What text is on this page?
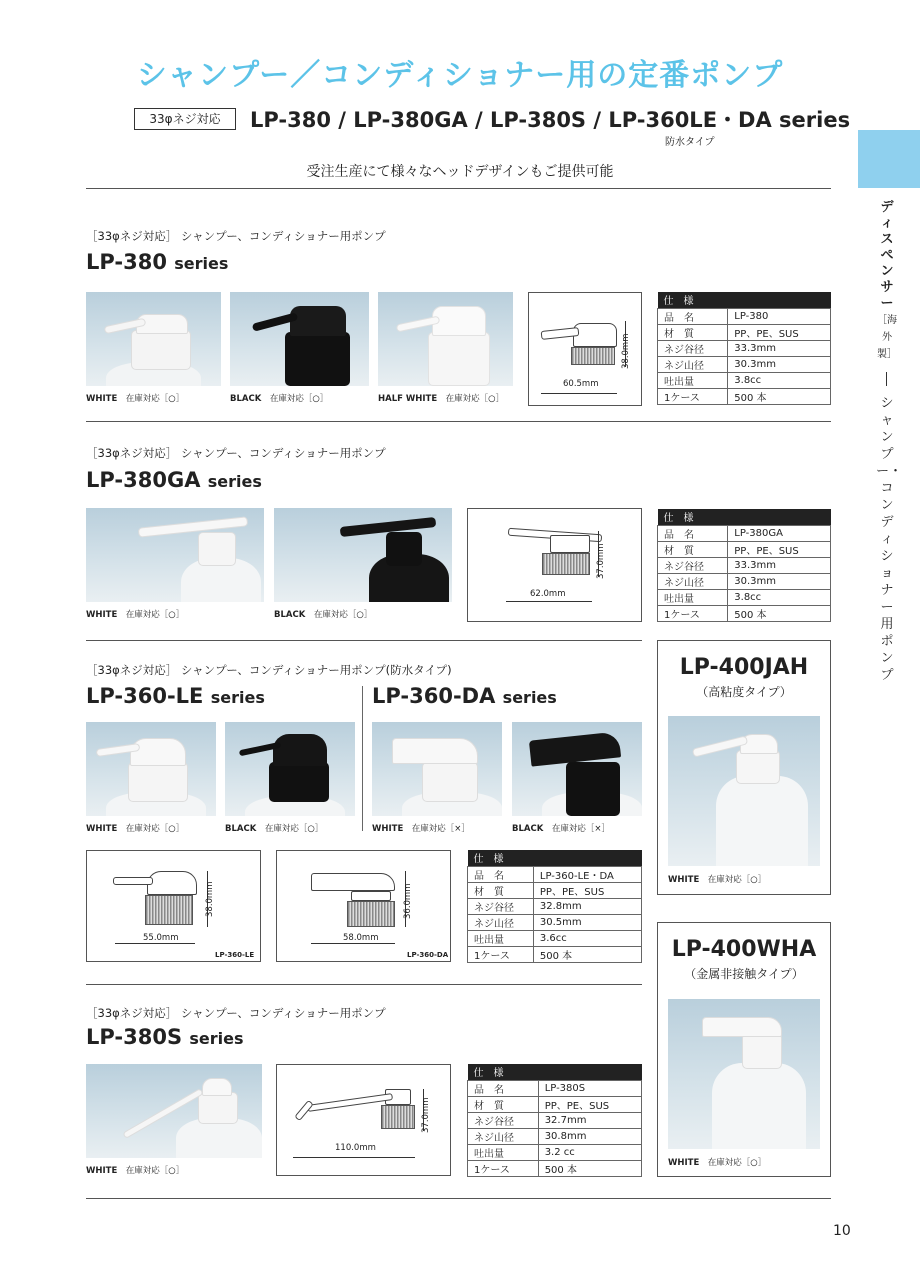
シャンプー／コンディショナー用の定番ポンプ
33φネジ対応	LP-380 / LP-380GA / LP-380S / LP-360LE・DA series
防水タイプ
受注生産にて様々なヘッドデザインもご提供可能
ディスペンサー
［海外製］
シャンプー・コンディショナー用ポンプ
［33φネジ対応］ シャンプー、コンディショナー用ポンプ
LP-380 series
WHITE　 在庫対応［○］	BLACK　 在庫対応［○］	HALF WHITE　 在庫対応［○］
38.0mm
60.5mm
仕　様	
品　名	LP-380
材　質	PP、PE、SUS
ネジ谷径	33.3mm
ネジ山径	30.3mm
吐出量	3.8cc
1ケース	500 本
［33φネジ対応］ シャンプー、コンディショナー用ポンプ
LP-380GA series
WHITE　 在庫対応［○］	BLACK　 在庫対応［○］
37.0mm
62.0mm
仕　様	
品　名	LP-380GA
材　質	PP、PE、SUS
ネジ谷径	33.3mm
ネジ山径	30.3mm
吐出量	3.8cc
1ケース	500 本
［33φネジ対応］ シャンプー、コンディショナー用ポンプ(防水タイプ)
LP-360-LE series	LP-360-DA series
WHITE　 在庫対応［○］	BLACK　 在庫対応［○］	WHITE　 在庫対応［×］	BLACK　 在庫対応［×］
38.0mm
55.0mm
LP-360-LE
36.0mm
58.0mm
LP-360-DA
仕　様	
品　名	LP-360-LE・DA
材　質	PP、PE、SUS
ネジ谷径	32.8mm
ネジ山径	30.5mm
吐出量	3.6cc
1ケース	500 本
［33φネジ対応］ シャンプー、コンディショナー用ポンプ
LP-380S series
WHITE　 在庫対応［○］
37.0mm
110.0mm
仕　様	
品　名	LP-380S
材　質	PP、PE、SUS
ネジ谷径	32.7mm
ネジ山径	30.8mm
吐出量	3.2 cc
1ケース	500 本
LP-400JAH
（高粘度タイプ）
WHITE　 在庫対応［○］
LP-400WHA
（金属非接触タイプ）
WHITE　 在庫対応［○］
10
